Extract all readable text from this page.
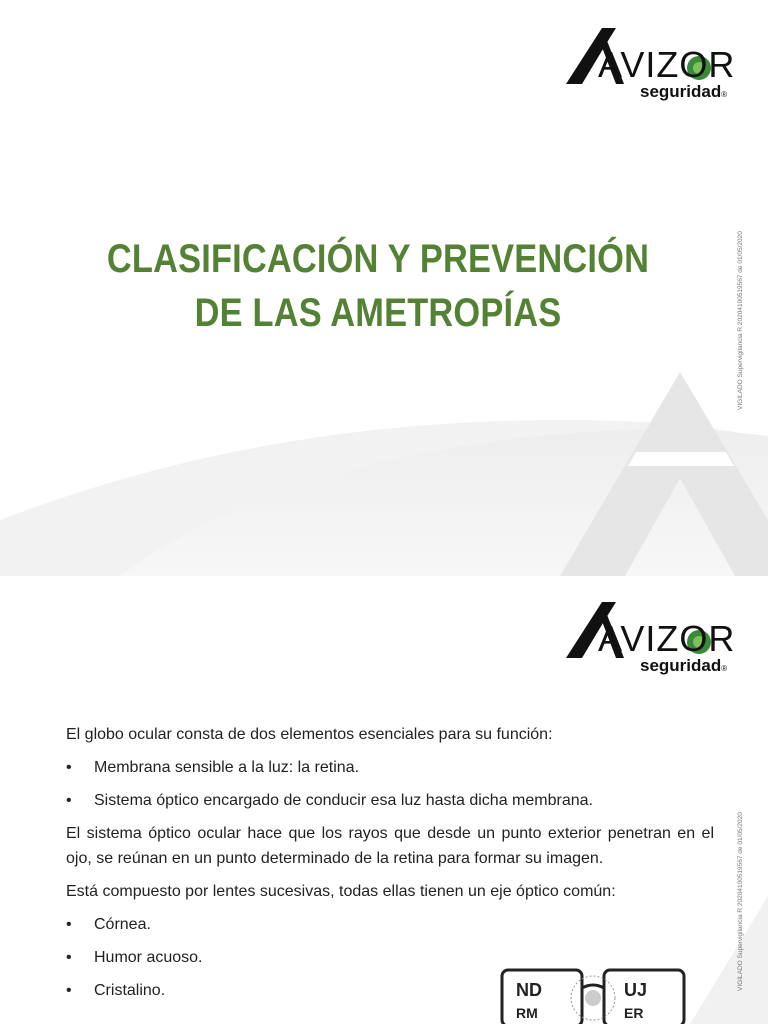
AVIZOR
seguridad®
CLASIFICACIÓN Y PREVENCIÓN
DE LAS AMETROPÍAS	VIGILADO Supervigilancia R 20204100519567 de 01/05/2020
AVIZOR
seguridad®

El globo ocular consta de dos elementos esenciales para su función:

•	Membrana sensible a la luz: la retina.
•	Sistema óptico encargado de conducir esa luz hasta dicha membrana.

El sistema óptico ocular hace que los rayos que desde un punto exterior penetran en el ojo, se reúnan en un punto determinado de la retina para formar su imagen.

Está compuesto por lentes sucesivas, todas ellas tienen un eje óptico común:

•	Córnea.
•	Humor acuoso.
•	Cristalino.	VIGILADO Supervigilancia R 20204100519567 de 01/05/2020
ND
RM
UJ
ER
